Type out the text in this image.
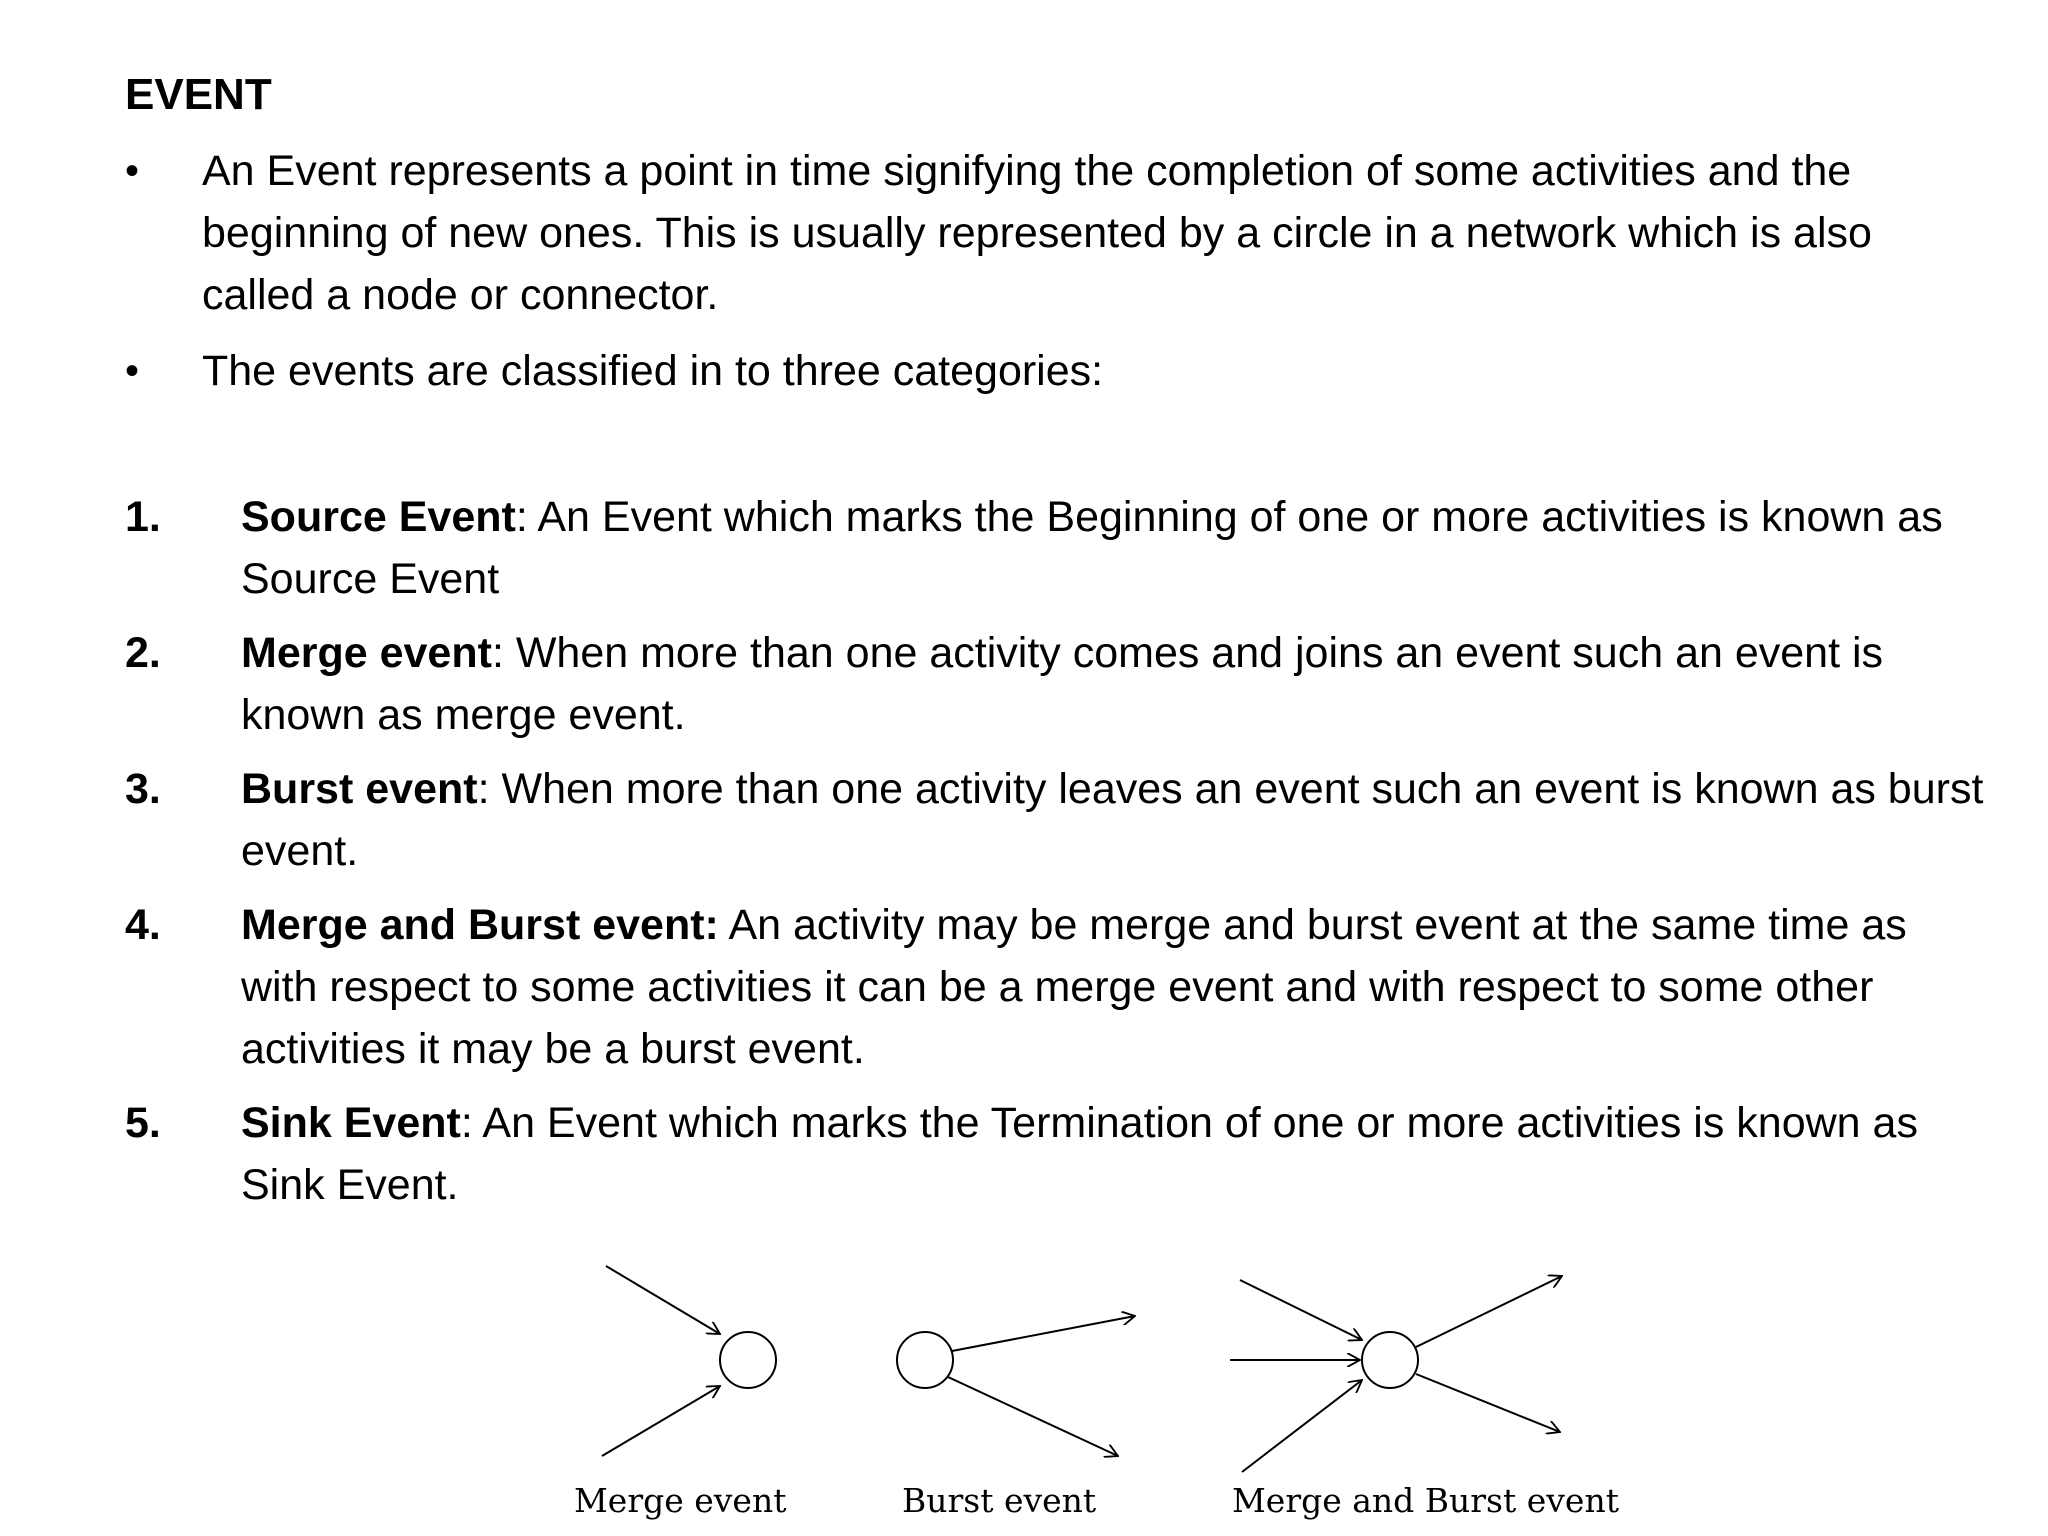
EVENT
• An Event represents a point in time signifying the completion of some activities and the beginning of new ones. This is usually represented by a circle in a network which is also called a node or connector.
• The events are classified in to three categories:
1. Source Event: An Event which marks the Beginning of one or more activities is known as Source Event
2. Merge event: When more than one activity comes and joins an event such an event is known as merge event.
3. Burst event: When more than one activity leaves an event such an event is known as burst event.
4. Merge and Burst event: An activity may be merge and burst event at the same time as with respect to some activities it can be a merge event and with respect to some other activities it may be a burst event.
5. Sink Event: An Event which marks the Termination of one or more activities is known as Sink Event.
Merge event	Burst event	Merge and Burst event
